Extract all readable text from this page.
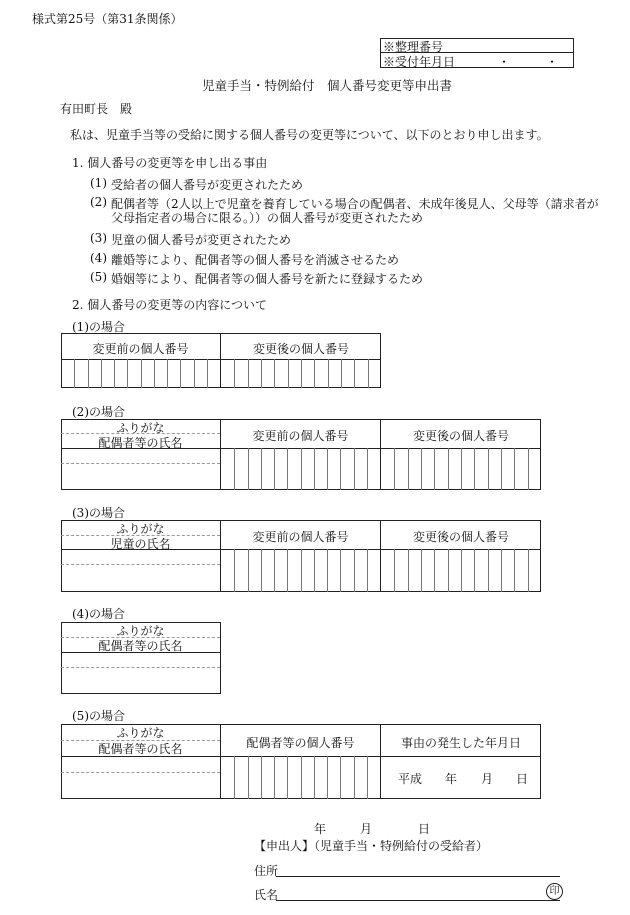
様式第25号（第31条関係）
※整理番号
※受付年月日	・　　　・
児童手当・特例給付　個人番号変更等申出書
有田町長　殿
私は、児童手当等の受給に関する個人番号の変更等について、以下のとおり申し出ます。
1. 個人番号の変更等を申し出る事由
(1) 受給者の個人番号が変更されたため
(2) 配偶者等（2人以上で児童を養育している場合の配偶者、未成年後見人、父母等（請求者が
父母指定者の場合に限る。））の個人番号が変更されたため
(3) 児童の個人番号が変更されたため
(4) 離婚等により、配偶者等の個人番号を消滅させるため
(5) 婚姻等により、配偶者等の個人番号を新たに登録するため
2. 個人番号の変更等の内容について
(1)の場合
変更前の個人番号	変更後の個人番号
(2)の場合
ふりがな
配偶者等の氏名	変更前の個人番号	変更後の個人番号
(3)の場合
ふりがな
児童の氏名	変更前の個人番号	変更後の個人番号
(4)の場合
ふりがな
配偶者等の氏名
(5)の場合
ふりがな
配偶者等の氏名	配偶者等の個人番号	事由の発生した年月日
平成 年 月 日
年	月	日
【申出人】（児童手当・特例給付の受給者）
住所
氏名	印
